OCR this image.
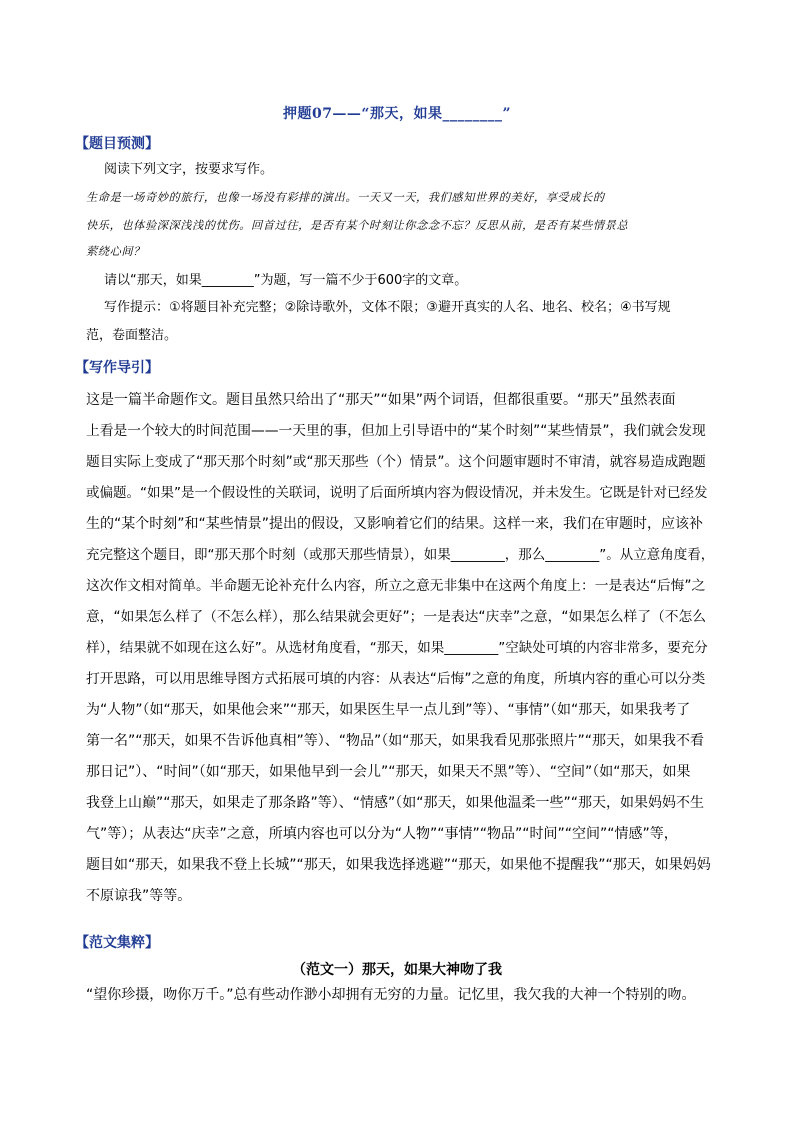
押题07——“那天，如果________”
【题目预测】
阅读下列文字，按要求写作。
生命是一场奇妙的旅行，也像一场没有彩排的演出。一天又一天，我们感知世界的美好，享受成长的
快乐，也体验深深浅浅的忧伤。回首过往，是否有某个时刻让你念念不忘？反思从前，是否有某些情景总
萦绕心间？
请以“那天，如果________”为题，写一篇不少于600字的文章。
写作提示：①将题目补充完整；②除诗歌外，文体不限；③避开真实的人名、地名、校名；④书写规
范，卷面整洁。
【写作导引】
这是一篇半命题作文。题目虽然只给出了“那天”“如果”两个词语，但都很重要。“那天”虽然表面
上看是一个较大的时间范围——一天里的事，但加上引导语中的“某个时刻”“某些情景”，我们就会发现
题目实际上变成了“那天那个时刻”或“那天那些（个）情景”。这个问题审题时不审清，就容易造成跑题
或偏题。“如果”是一个假设性的关联词，说明了后面所填内容为假设情况，并未发生。它既是针对已经发
生的“某个时刻”和“某些情景”提出的假设，又影响着它们的结果。这样一来，我们在审题时，应该补
充完整这个题目，即“那天那个时刻（或那天那些情景），如果________，那么________”。从立意角度看，
这次作文相对简单。半命题无论补充什么内容，所立之意无非集中在这两个角度上：一是表达“后悔”之
意，“如果怎么样了（不怎么样），那么结果就会更好”；一是表达“庆幸”之意，“如果怎么样了（不怎么
样），结果就不如现在这么好”。从选材角度看，“那天，如果________”空缺处可填的内容非常多，要充分
打开思路，可以用思维导图方式拓展可填的内容：从表达“后悔”之意的角度，所填内容的重心可以分类
为“人物”（如“那天，如果他会来”“那天，如果医生早一点儿到”等）、“事情”（如“那天，如果我考了
第一名”“那天，如果不告诉他真相”等）、“物品”（如“那天，如果我看见那张照片”“那天，如果我不看
那日记”）、“时间”（如“那天，如果他早到一会儿”“那天，如果天不黑”等）、“空间”（如“那天，如果
我登上山巅”“那天，如果走了那条路”等）、“情感”（如“那天，如果他温柔一些”“那天，如果妈妈不生
气”等）；从表达“庆幸”之意，所填内容也可以分为“人物”“事情”“物品”“时间”“空间”“情感”等，
题目如“那天，如果我不登上长城”“那天，如果我选择逃避”“那天，如果他不提醒我”“那天，如果妈妈
不原谅我”等等。
【范文集粹】
（范文一）那天，如果大神吻了我
“望你珍摄，吻你万千。”总有些动作渺小却拥有无穷的力量。记忆里，我欠我的大神一个特别的吻。
